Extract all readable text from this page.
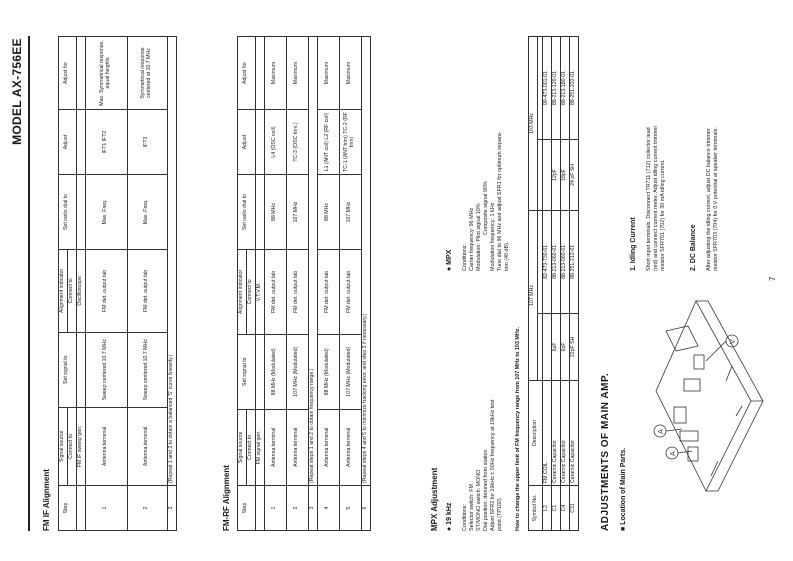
MODEL AX-756EE
FM IF Alignment Step	Signal source	Set signal to	Alignment indicator	Set radio dial to	Adjust	Adjust for
	Connect to		Connect to			
	FM IF sweep gen.		Oscilloscope			
1	Antenna terminal	Sweep centered 10.7 MHz	FM det. output tab	Max. Freq.	IFT1 IFT2	Max. Symmetrical response, equal heights
2	Antenna terminal	Sweep centered 10.7 MHz	FM det. output tab	Max. Freq.	IFT3	Symmetrical response centered at 10.7 MHz
3	(Repeat 1 and 2 to obtain a balanced 'S' curve linearity.)					
FM-RF Alignment Step	Signal source	Set signal to	Alignment indicator	Set radio dial to	Adjust	Adjust for
	Connect to		Connect to			
	FM signal gen.		V.T.V.M.			
1	Antenna terminal	88 MHz (Modulated)	FM det. output tab	88 MHz	L4 (OSC coil)	Maximum
2	Antenna terminal	107 MHz (Modulated)	FM det. output tab	107 MHz	TC-3 (OSC trim.)	Maximum
3	(Repeat steps 1 and 2 to obtain frequency range.)					
4	Antenna terminal	88 MHz (Modulated)	FM det. output tab	88 MHz	L1 (ANT coil) L2 (RF coil)	Maximum
5	Antenna terminal	107 MHz (Modulated)	FM det. output tab	107 MHz	TC-1 (ANT trim) TC-2 (RF trim)	Maximum
6	(Repeat steps 4 and 5 to minimize tracking error, and step 3 if necessary.)					
MPX Adjustment ● 19 kHz
● MPX
Conditions: Selector switch: FM ST/MONO switch: MONO Dial position: detuned from station Adjust SFR2 for 19kHz ± 50Hz frequency at 19kHz test point (TP102).
Conditions: Carrier frequency: 96 MHz Modulation: Pilot signal 10% Composite signal 90% Modulation frequency: 1 kHz Tune dial to 96 MHz and adjust SFR1 for optimum separa- tion (40 dB).
How to change the upper limit of FM frequency range from 107 MHz to 103 MHz. Symbol No.	Description	107 MHz		103 MHz	

L2	FM COIL		82-473-730-01		99-473-001-01
C1	Ceramic Capacitor	6pF	88-213-060-01	12pF	88-213-120-01
C4	Ceramic Capacitor	6pF	88-213-060-01	18pF	88-213-180-01
C31	Ceramic Capacitor	22pF SH	88-251-212-01	24 pF SH	88-251-222-01
ADJUSTMENTS OF MAIN AMP. ■ Location of Main Parts.	A
A
V
1. Idling Current Short input terminals. Disconnect TR711 (712) collector lead (red) and connect current meter. Adjust idling current trimmer resistor SFR701 (702) for 30 mA idling current.	2. DC Balance After adjusting the idling current, adjust DC balance trimmer resistor SFR703 (704) for 0 V potential at speaker terminals.
7
